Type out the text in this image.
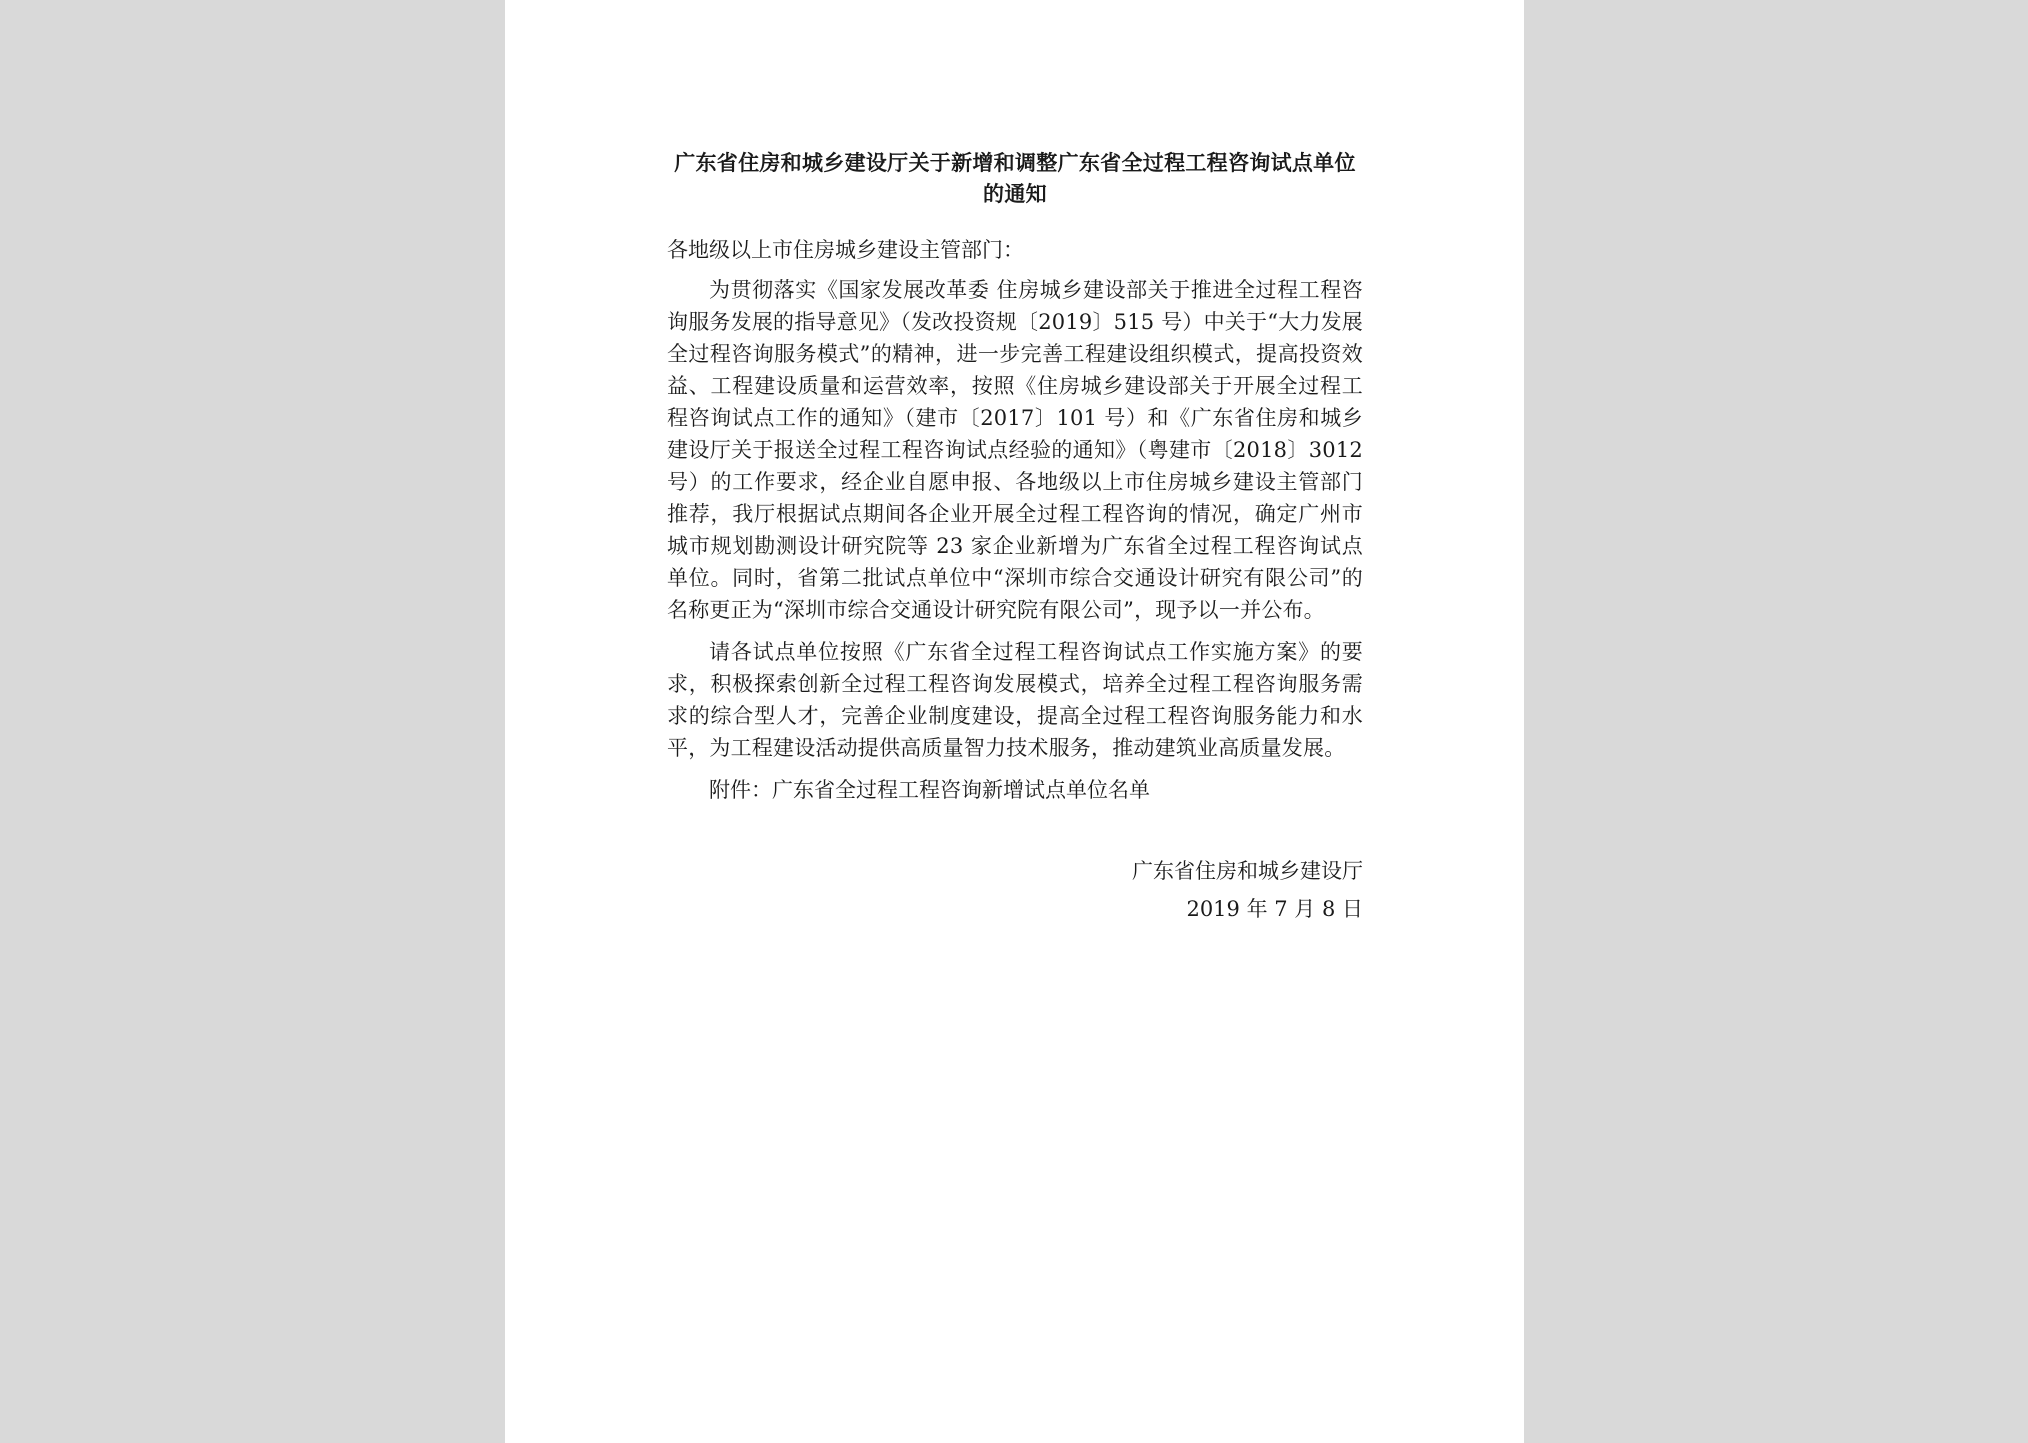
广东省住房和城乡建设厅关于新增和调整广东省全过程工程咨询试点单位的通知

各地级以上市住房城乡建设主管部门：

为贯彻落实《国家发展改革委 住房城乡建设部关于推进全过程工程咨询服务发展的指导意见》（发改投资规〔2019〕515 号）中关于“大力发展全过程咨询服务模式”的精神，进一步完善工程建设组织模式，提高投资效益、工程建设质量和运营效率，按照《住房城乡建设部关于开展全过程工程咨询试点工作的通知》（建市〔2017〕101 号）和《广东省住房和城乡建设厅关于报送全过程工程咨询试点经验的通知》（粤建市〔2018〕3012 号）的工作要求，经企业自愿申报、各地级以上市住房城乡建设主管部门推荐，我厅根据试点期间各企业开展全过程工程咨询的情况，确定广州市城市规划勘测设计研究院等 23 家企业新增为广东省全过程工程咨询试点单位。同时，省第二批试点单位中“深圳市综合交通设计研究有限公司”的名称更正为“深圳市综合交通设计研究院有限公司”，现予以一并公布。

请各试点单位按照《广东省全过程工程咨询试点工作实施方案》的要求，积极探索创新全过程工程咨询发展模式，培养全过程工程咨询服务需求的综合型人才，完善企业制度建设，提高全过程工程咨询服务能力和水平，为工程建设活动提供高质量智力技术服务，推动建筑业高质量发展。

附件：广东省全过程工程咨询新增试点单位名单

广东省住房和城乡建设厅
2019 年 7 月 8 日
